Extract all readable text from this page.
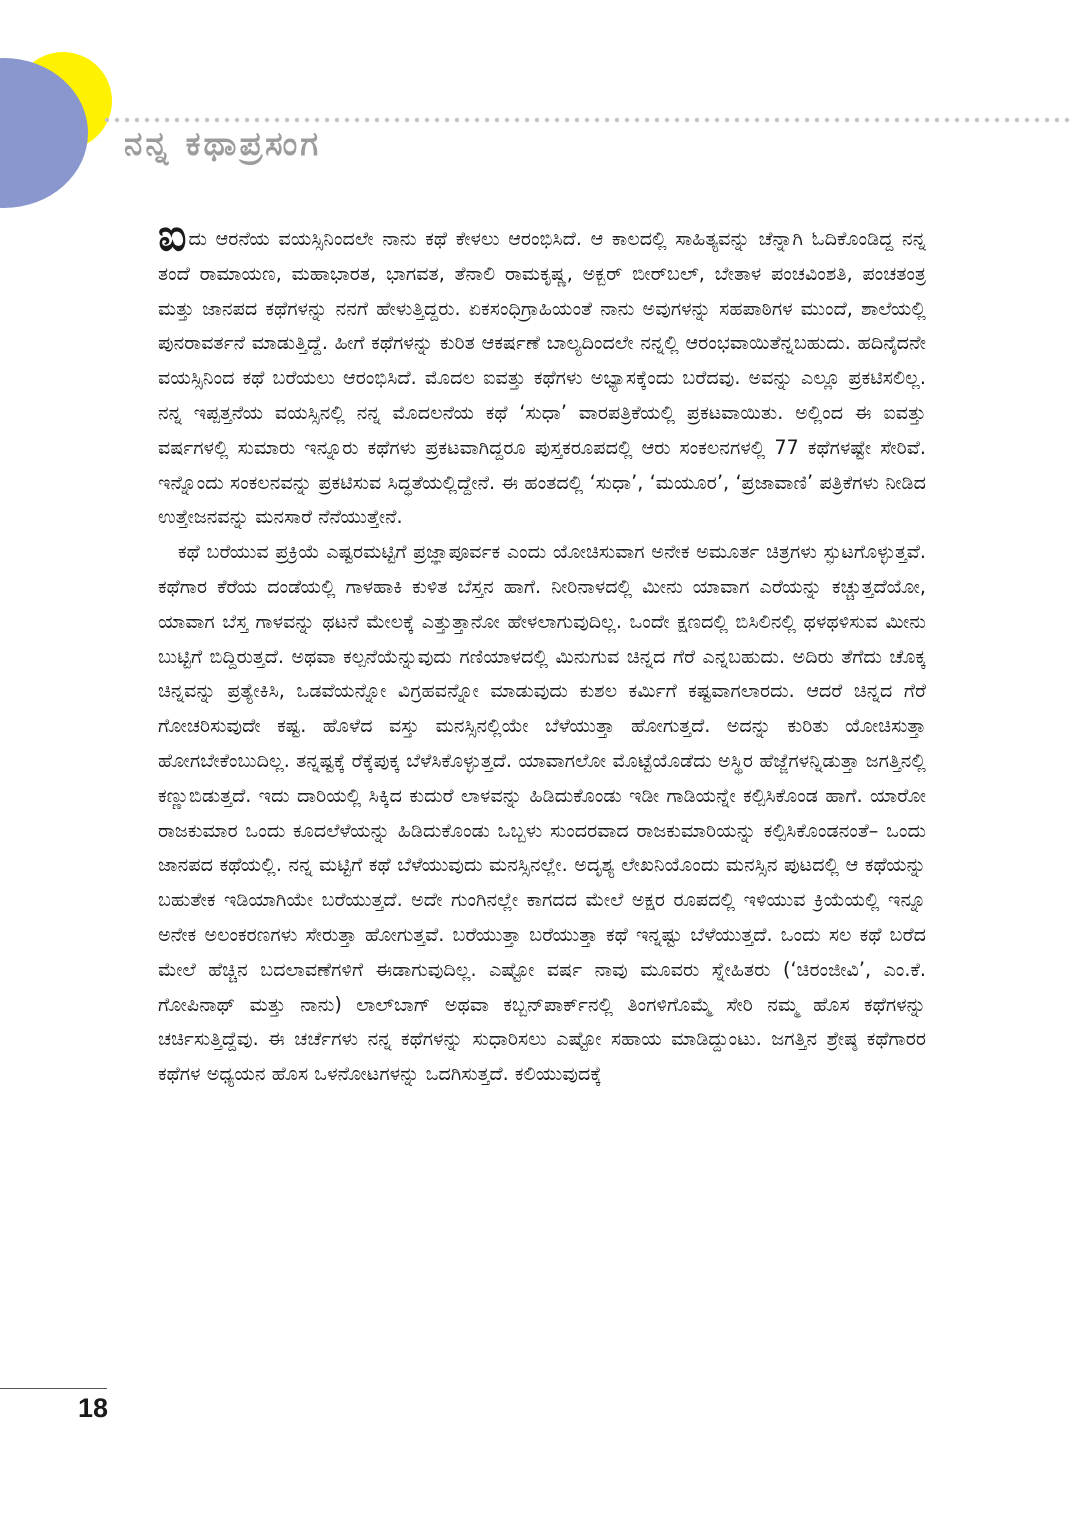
ನನ್ನ ಕಥಾಪ್ರಸಂಗ

ಐದು ಆರನೆಯ ವಯಸ್ಸಿನಿಂದಲೇ ನಾನು ಕಥೆ ಕೇಳಲು ಆರಂಭಿಸಿದೆ. ಆ ಕಾಲದಲ್ಲಿ ಸಾಹಿತ್ಯವನ್ನು ಚೆನ್ನಾಗಿ ಓದಿಕೊಂಡಿದ್ದ ನನ್ನ ತಂದೆ ರಾಮಾಯಣ, ಮಹಾಭಾರತ, ಭಾಗವತ, ತೆನಾಲಿ ರಾಮಕೃಷ್ಣ, ಅಕ್ಬರ್ ಬೀರ್‌ಬಲ್, ಬೇತಾಳ ಪಂಚವಿಂಶತಿ, ಪಂಚತಂತ್ರ ಮತ್ತು ಜಾನಪದ ಕಥೆಗಳನ್ನು ನನಗೆ ಹೇಳುತ್ತಿದ್ದರು. ಏಕಸಂಧಿಗ್ರಾಹಿಯಂತೆ ನಾನು ಅವುಗಳನ್ನು ಸಹಪಾಠಿಗಳ ಮುಂದೆ, ಶಾಲೆಯಲ್ಲಿ ಪುನರಾವರ್ತನೆ ಮಾಡುತ್ತಿದ್ದೆ. ಹೀಗೆ ಕಥೆಗಳನ್ನು ಕುರಿತ ಆಕರ್ಷಣೆ ಬಾಲ್ಯದಿಂದಲೇ ನನ್ನಲ್ಲಿ ಆರಂಭವಾಯಿತೆನ್ನಬಹುದು. ಹದಿನೈದನೇ ವಯಸ್ಸಿನಿಂದ ಕಥೆ ಬರೆಯಲು ಆರಂಭಿಸಿದೆ. ಮೊದಲ ಐವತ್ತು ಕಥೆಗಳು ಅಭ್ಯಾಸಕ್ಕೆಂದು ಬರೆದವು. ಅವನ್ನು ಎಲ್ಲೂ ಪ್ರಕಟಿಸಲಿಲ್ಲ. ನನ್ನ ಇಪ್ಪತ್ತನೆಯ ವಯಸ್ಸಿನಲ್ಲಿ ನನ್ನ ಮೊದಲನೆಯ ಕಥೆ ‘ಸುಧಾ’ ವಾರಪತ್ರಿಕೆಯಲ್ಲಿ ಪ್ರಕಟವಾಯಿತು. ಅಲ್ಲಿಂದ ಈ ಐವತ್ತು ವರ್ಷಗಳಲ್ಲಿ ಸುಮಾರು ಇನ್ನೂರು ಕಥೆಗಳು ಪ್ರಕಟವಾಗಿದ್ದರೂ ಪುಸ್ತಕರೂಪದಲ್ಲಿ ಆರು ಸಂಕಲನಗಳಲ್ಲಿ 77 ಕಥೆಗಳಷ್ಟೇ ಸೇರಿವೆ. ಇನ್ನೊಂದು ಸಂಕಲನವನ್ನು ಪ್ರಕಟಿಸುವ ಸಿದ್ಧತೆಯಲ್ಲಿದ್ದೇನೆ. ಈ ಹಂತದಲ್ಲಿ ‘ಸುಧಾ’, ‘ಮಯೂರ’, ‘ಪ್ರಜಾವಾಣಿ’ ಪತ್ರಿಕೆಗಳು ನೀಡಿದ ಉತ್ತೇಜನವನ್ನು ಮನಸಾರೆ ನೆನೆಯುತ್ತೇನೆ.

ಕಥೆ ಬರೆಯುವ ಪ್ರಕ್ರಿಯೆ ಎಷ್ಟರಮಟ್ಟಿಗೆ ಪ್ರಜ್ಞಾಪೂರ್ವಕ ಎಂದು ಯೋಚಿಸುವಾಗ ಅನೇಕ ಅಮೂರ್ತ ಚಿತ್ರಗಳು ಸ್ಫುಟಗೊಳ್ಳುತ್ತವೆ. ಕಥೆಗಾರ ಕೆರೆಯ ದಂಡೆಯಲ್ಲಿ ಗಾಳಹಾಕಿ ಕುಳಿತ ಬೆಸ್ತನ ಹಾಗೆ. ನೀರಿನಾಳದಲ್ಲಿ ಮೀನು ಯಾವಾಗ ಎರೆಯನ್ನು ಕಚ್ಚುತ್ತದೆಯೋ, ಯಾವಾಗ ಬೆಸ್ತ ಗಾಳವನ್ನು ಥಟನೆ ಮೇಲಕ್ಕೆ ಎತ್ತುತ್ತಾನೋ ಹೇಳಲಾಗುವುದಿಲ್ಲ. ಒಂದೇ ಕ್ಷಣದಲ್ಲಿ ಬಿಸಿಲಿನಲ್ಲಿ ಥಳಥಳಿಸುವ ಮೀನು ಬುಟ್ಟಿಗೆ ಬಿದ್ದಿರುತ್ತದೆ. ಅಥವಾ ಕಲ್ಪನೆಯೆನ್ನುವುದು ಗಣಿಯಾಳದಲ್ಲಿ ಮಿನುಗುವ ಚಿನ್ನದ ಗೆರೆ ಎನ್ನಬಹುದು. ಅದಿರು ತೆಗೆದು ಚೊಕ್ಕ ಚಿನ್ನವನ್ನು ಪ್ರತ್ಯೇಕಿಸಿ, ಒಡವೆಯನ್ನೋ ವಿಗ್ರಹವನ್ನೋ ಮಾಡುವುದು ಕುಶಲ ಕರ್ಮಿಗೆ ಕಷ್ಟವಾಗಲಾರದು. ಆದರೆ ಚಿನ್ನದ ಗೆರೆ ಗೋಚರಿಸುವುದೇ ಕಷ್ಟ. ಹೊಳೆದ ವಸ್ತು ಮನಸ್ಸಿನಲ್ಲಿಯೇ ಬೆಳೆಯುತ್ತಾ ಹೋಗುತ್ತದೆ. ಅದನ್ನು ಕುರಿತು ಯೋಚಿಸುತ್ತಾ ಹೋಗಬೇಕೆಂಬುದಿಲ್ಲ. ತನ್ನಷ್ಟಕ್ಕೆ ರೆಕ್ಕೆಪುಕ್ಕ ಬೆಳೆಸಿಕೊಳ್ಳುತ್ತದೆ. ಯಾವಾಗಲೋ ಮೊಟ್ಟೆಯೊಡೆದು ಅಸ್ಥಿರ ಹೆಜ್ಜೆಗಳನ್ನಿಡುತ್ತಾ ಜಗತ್ತಿನಲ್ಲಿ ಕಣ್ಣುಬಿಡುತ್ತದೆ. ಇದು ದಾರಿಯಲ್ಲಿ ಸಿಕ್ಕಿದ ಕುದುರೆ ಲಾಳವನ್ನು ಹಿಡಿದುಕೊಂಡು ಇಡೀ ಗಾಡಿಯನ್ನೇ ಕಲ್ಪಿಸಿಕೊಂಡ ಹಾಗೆ. ಯಾರೋ ರಾಜಕುಮಾರ ಒಂದು ಕೂದಲೆಳೆಯನ್ನು ಹಿಡಿದುಕೊಂಡು ಒಬ್ಬಳು ಸುಂದರವಾದ ರಾಜಕುಮಾರಿಯನ್ನು ಕಲ್ಪಿಸಿಕೊಂಡನಂತೆ– ಒಂದು ಜಾನಪದ ಕಥೆಯಲ್ಲಿ. ನನ್ನ ಮಟ್ಟಿಗೆ ಕಥೆ ಬೆಳೆಯುವುದು ಮನಸ್ಸಿನಲ್ಲೇ. ಅದೃಶ್ಯ ಲೇಖನಿಯೊಂದು ಮನಸ್ಸಿನ ಪುಟದಲ್ಲಿ ಆ ಕಥೆಯನ್ನು ಬಹುತೇಕ ಇಡಿಯಾಗಿಯೇ ಬರೆಯುತ್ತದೆ. ಅದೇ ಗುಂಗಿನಲ್ಲೇ ಕಾಗದದ ಮೇಲೆ ಅಕ್ಷರ ರೂಪದಲ್ಲಿ ಇಳಿಯುವ ಕ್ರಿಯೆಯಲ್ಲಿ ಇನ್ನೂ ಅನೇಕ ಅಲಂಕರಣಗಳು ಸೇರುತ್ತಾ ಹೋಗುತ್ತವೆ. ಬರೆಯುತ್ತಾ ಬರೆಯುತ್ತಾ ಕಥೆ ಇನ್ನಷ್ಟು ಬೆಳೆಯುತ್ತದೆ. ಒಂದು ಸಲ ಕಥೆ ಬರೆದ ಮೇಲೆ ಹೆಚ್ಚಿನ ಬದಲಾವಣೆಗಳಿಗೆ ಈಡಾಗುವುದಿಲ್ಲ. ಎಷ್ಟೋ ವರ್ಷ ನಾವು ಮೂವರು ಸ್ನೇಹಿತರು (‘ಚಿರಂಜೀವಿ’, ಎಂ.ಕೆ. ಗೋಪಿನಾಥ್ ಮತ್ತು ನಾನು) ಲಾಲ್‌ಬಾಗ್ ಅಥವಾ ಕಬ್ಬನ್‌ಪಾರ್ಕ್‌ನಲ್ಲಿ ತಿಂಗಳಿಗೊಮ್ಮೆ ಸೇರಿ ನಮ್ಮ ಹೊಸ ಕಥೆಗಳನ್ನು ಚರ್ಚಿಸುತ್ತಿದ್ದೆವು. ಈ ಚರ್ಚೆಗಳು ನನ್ನ ಕಥೆಗಳನ್ನು ಸುಧಾರಿಸಲು ಎಷ್ಟೋ ಸಹಾಯ ಮಾಡಿದ್ದುಂಟು. ಜಗತ್ತಿನ ಶ್ರೇಷ್ಠ ಕಥೆಗಾರರ ಕಥೆಗಳ ಅಧ್ಯಯನ ಹೊಸ ಒಳನೋಟಗಳನ್ನು ಒದಗಿಸುತ್ತದೆ. ಕಲಿಯುವುದಕ್ಕೆ

18
